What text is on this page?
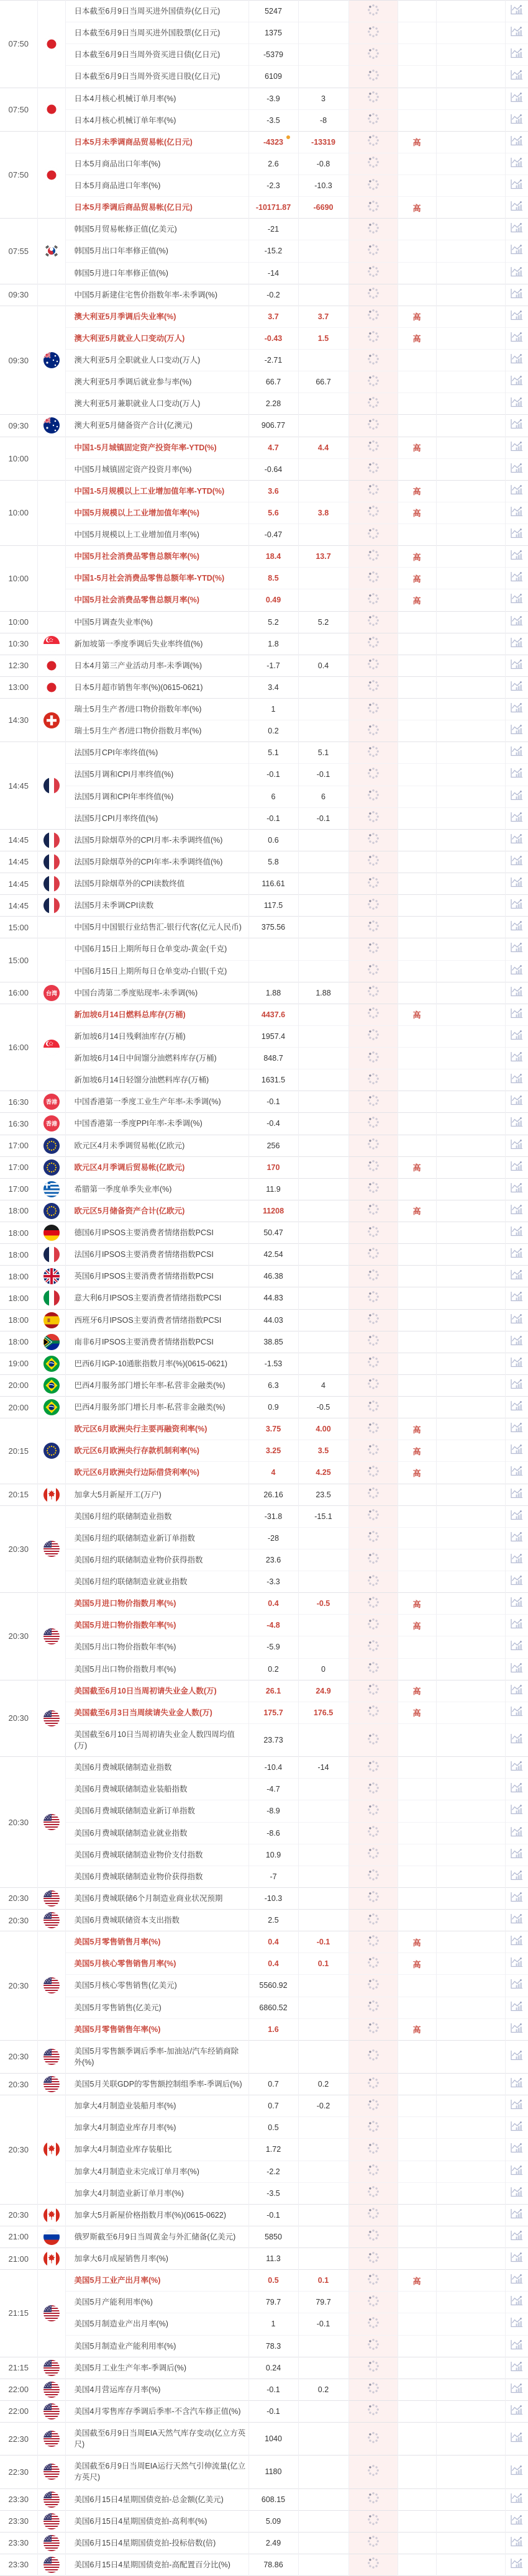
07:50		日本截至6月9日当周买进外国债券(亿日元)	5247					
		日本截至6月9日当周买进外国股票(亿日元)	1375					
		日本截至6月9日当周外资买进日债(亿日元)	-5379					
		日本截至6月9日当周外资买进日股(亿日元)	6109					
07:50		日本4月核心机械订单月率(%)	-3.9	3				
		日本4月核心机械订单年率(%)	-3.5	-8				
07:50		日本5月未季调商品贸易帐(亿日元)	-4323	-13319		高		
		日本5月商品出口年率(%)	2.6	-0.8				
		日本5月商品进口年率(%)	-2.3	-10.3				
		日本5月季调后商品贸易帐(亿日元)	-10171.87	-6690		高		
07:55		韩国5月贸易帐修正值(亿美元)	-21					
		韩国5月出口年率修正值(%)	-15.2					
		韩国5月进口年率修正值(%)	-14					
09:30		中国5月新建住宅售价指数年率-未季调(%)	-0.2					
09:30		澳大利亚5月季调后失业率(%)	3.7	3.7		高		
		澳大利亚5月就业人口变动(万人)	-0.43	1.5		高		
		澳大利亚5月全职就业人口变动(万人)	-2.71					
		澳大利亚5月季调后就业参与率(%)	66.7	66.7				
		澳大利亚5月兼职就业人口变动(万人)	2.28					
09:30		澳大利亚5月储备资产合计(亿澳元)	906.77					
10:00		中国1-5月城镇固定资产投资年率-YTD(%)	4.7	4.4		高		
		中国5月城镇固定资产投资月率(%)	-0.64					
10:00		中国1-5月规模以上工业增加值年率-YTD(%)	3.6			高		
		中国5月规模以上工业增加值年率(%)	5.6	3.8		高		
		中国5月规模以上工业增加值月率(%)	-0.47					
10:00		中国5月社会消费品零售总额年率(%)	18.4	13.7		高		
		中国1-5月社会消费品零售总额年率-YTD(%)	8.5			高		
		中国5月社会消费品零售总额月率(%)	0.49			高		
10:00		中国5月调查失业率(%)	5.2	5.2				
10:30		新加坡第一季度季调后失业率终值(%)	1.8					
12:30		日本4月第三产业活动月率-未季调(%)	-1.7	0.4				
13:00		日本5月超市销售年率(%)(0615-0621)	3.4					
14:30		瑞士5月生产者/进口物价指数年率(%)	1					
		瑞士5月生产者/进口物价指数月率(%)	0.2					
14:45		法国5月CPI年率终值(%)	5.1	5.1				
		法国5月调和CPI月率终值(%)	-0.1	-0.1				
		法国5月调和CPI年率终值(%)	6	6				
		法国5月CPI月率终值(%)	-0.1	-0.1				
14:45		法国5月除烟草外的CPI月率-未季调终值(%)	0.6					
14:45		法国5月除烟草外的CPI年率-未季调终值(%)	5.8					
14:45		法国5月除烟草外的CPI读数终值	116.61					
14:45		法国5月未季调CPI读数	117.5					
15:00		中国5月中国银行业结售汇-银行代客(亿元人民币)	375.56					
15:00		中国6月15日上期所每日仓单变动-黄金(千克)						
		中国6月15日上期所每日仓单变动-白银(千克)						
16:00	台湾	中国台湾第二季度贴现率-未季调(%)	1.88	1.88				
16:00		新加坡6月14日燃料总库存(万桶)	4437.6			高		
		新加坡6月14日残剩油库存(万桶)	1957.4					
		新加坡6月14日中间馏分油燃料库存(万桶)	848.7					
		新加坡6月14日轻馏分油燃料库存(万桶)	1631.5					
16:30	香港	中国香港第一季度工业生产年率-未季调(%)	-0.1					
16:30	香港	中国香港第一季度PPI年率-未季调(%)	-0.4					
17:00		欧元区4月未季调贸易帐(亿欧元)	256					
17:00		欧元区4月季调后贸易帐(亿欧元)	170			高		
17:00		希腊第一季度单季失业率(%)	11.9					
18:00		欧元区5月储备资产合计(亿欧元)	11208			高		
18:00		德国6月IPSOS主要消费者情绪指数PCSI	50.47					
18:00		法国6月IPSOS主要消费者情绪指数PCSI	42.54					
18:00		英国6月IPSOS主要消费者情绪指数PCSI	46.38					
18:00		意大利6月IPSOS主要消费者情绪指数PCSI	44.83					
18:00		西班牙6月IPSOS主要消费者情绪指数PCSI	44.03					
18:00		南非6月IPSOS主要消费者情绪指数PCSI	38.85					
19:00		巴西6月IGP-10通胀指数月率(%)(0615-0621)	-1.53					
20:00		巴西4月服务部门增长年率-私营非金融类(%)	6.3	4				
20:00		巴西4月服务部门增长月率-私营非金融类(%)	0.9	-0.5				
20:15		欧元区6月欧洲央行主要再融资利率(%)	3.75	4.00		高		
		欧元区6月欧洲央行存款机制利率(%)	3.25	3.5		高		
		欧元区6月欧洲央行边际借贷利率(%)	4	4.25		高		
20:15		加拿大5月新屋开工(万户)	26.16	23.5				
20:30		美国6月纽约联储制造业指数	-31.8	-15.1				
		美国6月纽约联储制造业新订单指数	-28					
		美国6月纽约联储制造业物价获得指数	23.6					
		美国6月纽约联储制造业就业指数	-3.3					
20:30		美国5月进口物价指数月率(%)	0.4	-0.5		高		
		美国5月进口物价指数年率(%)	-4.8			高		
		美国5月出口物价指数年率(%)	-5.9					
		美国5月出口物价指数月率(%)	0.2	0				
20:30		美国截至6月10日当周初请失业金人数(万)	26.1	24.9		高		
		美国截至6月3日当周续请失业金人数(万)	175.7	176.5		高		
		美国截至6月10日当周初请失业金人数四周均值(万)	23.73					
20:30		美国6月费城联储制造业指数	-10.4	-14				
		美国6月费城联储制造业装船指数	-4.7					
		美国6月费城联储制造业新订单指数	-8.9					
		美国6月费城联储制造业就业指数	-8.6					
		美国6月费城联储制造业物价支付指数	10.9					
		美国6月费城联储制造业物价获得指数	-7					
20:30		美国6月费城联储6个月制造业商业状况预期	-10.3					
20:30		美国6月费城联储资本支出指数	2.5					
20:30		美国5月零售销售月率(%)	0.4	-0.1		高		
		美国5月核心零售销售月率(%)	0.4	0.1		高		
		美国5月核心零售销售(亿美元)	5560.92					
		美国5月零售销售(亿美元)	6860.52					
		美国5月零售销售年率(%)	1.6			高		
20:30		美国5月零售额季调后季率-加油站/汽车经销商除外(%)						
20:30		美国5月关联GDP的零售额控制组季率-季调后(%)	0.7	0.2				
20:30		加拿大4月制造业装船月率(%)	0.7	-0.2				
		加拿大4月制造业库存月率(%)	0.5					
		加拿大4月制造业库存装船比	1.72					
		加拿大4月制造业未完成订单月率(%)	-2.2					
		加拿大4月制造业新订单月率(%)	-3.5					
20:30		加拿大5月新屋价格指数月率(%)(0615-0622)	-0.1					
21:00		俄罗斯截至6月9日当周黄金与外汇储备(亿美元)	5850					
21:00		加拿大6月成屋销售月率(%)	11.3					
21:15		美国5月工业产出月率(%)	0.5	0.1		高		
		美国5月产能利用率(%)	79.7	79.7				
		美国5月制造业产出月率(%)	1	-0.1				
		美国5月制造业产能利用率(%)	78.3					
21:15		美国5月工业生产年率-季调后(%)	0.24					
22:00		美国4月营运库存月率(%)	-0.1	0.2				
22:00		美国4月零售库存季调后季率-不含汽车修正值(%)	-0.1					
22:30		美国截至6月9日当周EIA天然气库存变动(亿立方英尺)	1040					
22:30		美国截至6月9日当周EIA运行天然气引伸流量(亿立方英尺)	1180					
23:30		美国6月15日4星期国债竞拍-总金额(亿美元)	608.15					
23:30		美国6月15日4星期国债竞拍-高利率(%)	5.09					
23:30		美国6月15日4星期国债竞拍-投标倍数(倍)	2.49					
23:30		美国6月15日4星期国债竞拍-高配置百分比(%)	78.86					
